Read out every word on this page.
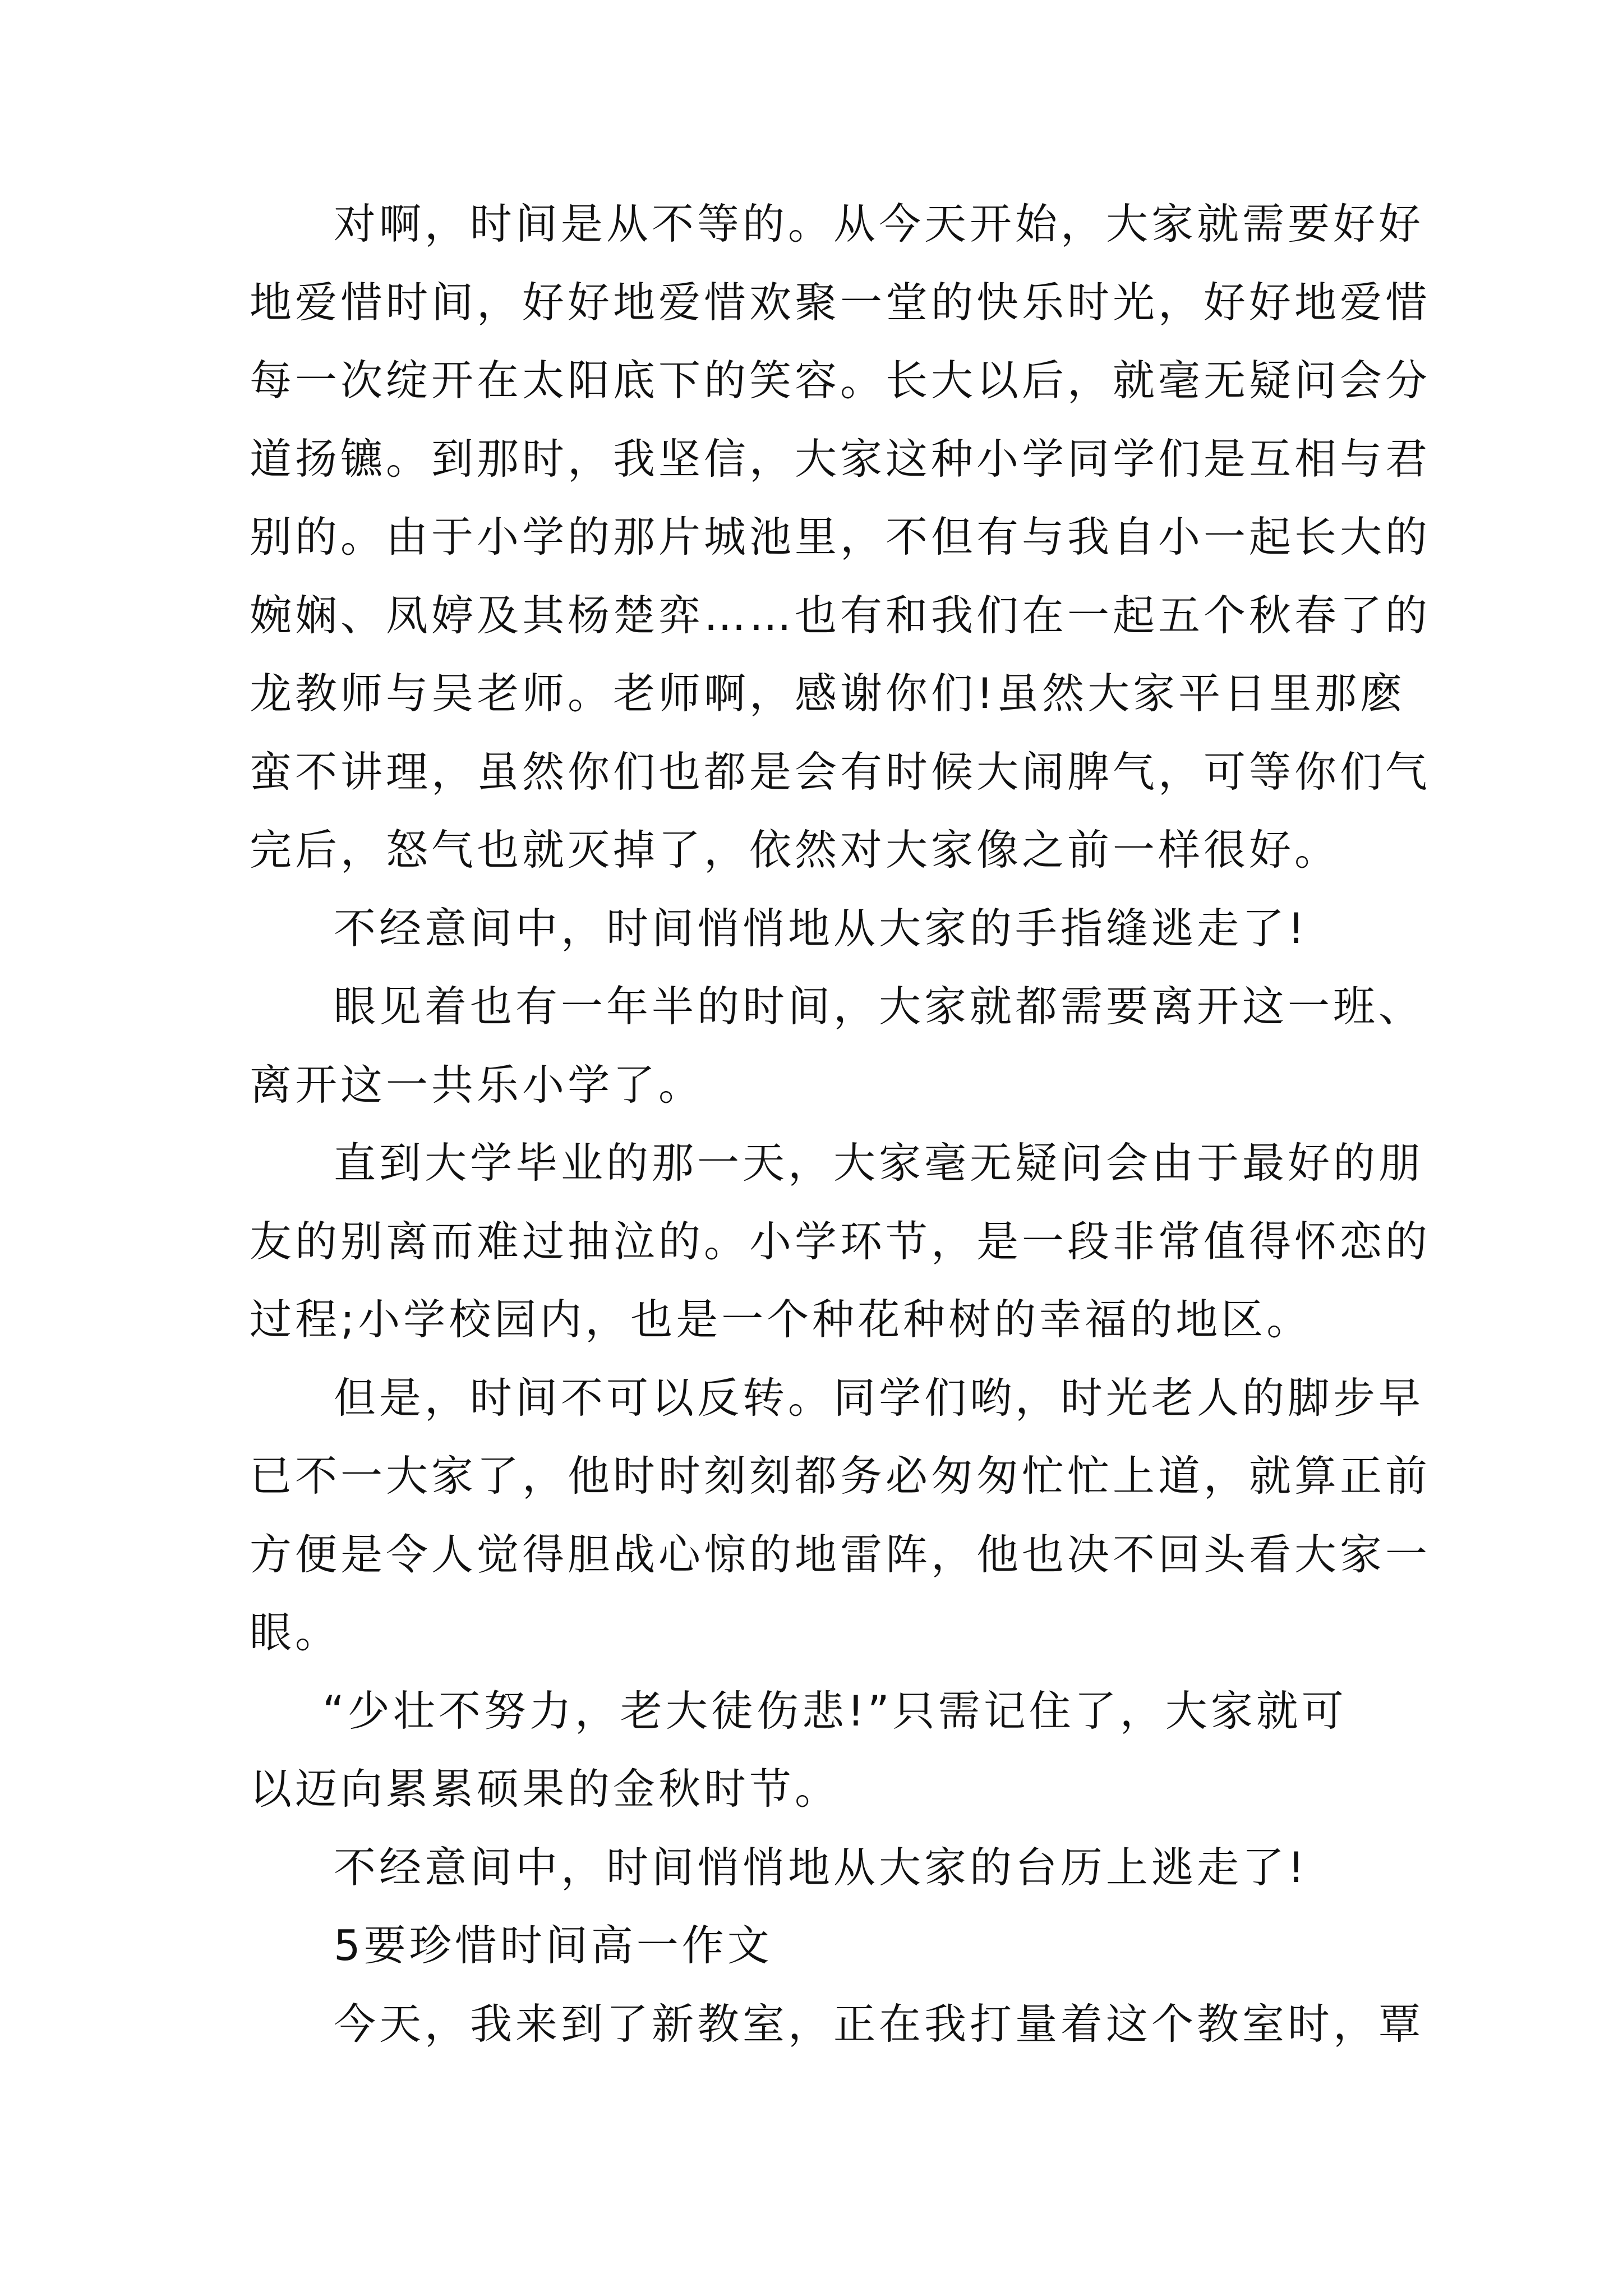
对啊，时间是从不等的。从今天开始，大家就需要好好
地爱惜时间，好好地爱惜欢聚一堂的快乐时光，好好地爱惜
每一次绽开在太阳底下的笑容。长大以后，就毫无疑问会分
道扬镳。到那时，我坚信，大家这种小学同学们是互相与君
别的。由于小学的那片城池里，不但有与我自小一起长大的
婉娴、凤婷及其杨楚弈……也有和我们在一起五个秋春了的
龙教师与吴老师。老师啊，感谢你们!虽然大家平日里那麽
蛮不讲理，虽然你们也都是会有时候大闹脾气，可等你们气
完后，怒气也就灭掉了，依然对大家像之前一样很好。
不经意间中，时间悄悄地从大家的手指缝逃走了!
眼见着也有一年半的时间，大家就都需要离开这一班、
离开这一共乐小学了。
直到大学毕业的那一天，大家毫无疑问会由于最好的朋
友的别离而难过抽泣的。小学环节，是一段非常值得怀恋的
过程;小学校园内，也是一个种花种树的幸福的地区。
但是，时间不可以反转。同学们哟，时光老人的脚步早
已不一大家了，他时时刻刻都务必匆匆忙忙上道，就算正前
方便是令人觉得胆战心惊的地雷阵，他也决不回头看大家一
眼。
“少壮不努力，老大徒伤悲!”只需记住了，大家就可
以迈向累累硕果的金秋时节。
不经意间中，时间悄悄地从大家的台历上逃走了!
5要珍惜时间高一作文
今天，我来到了新教室，正在我打量着这个教室时，覃
